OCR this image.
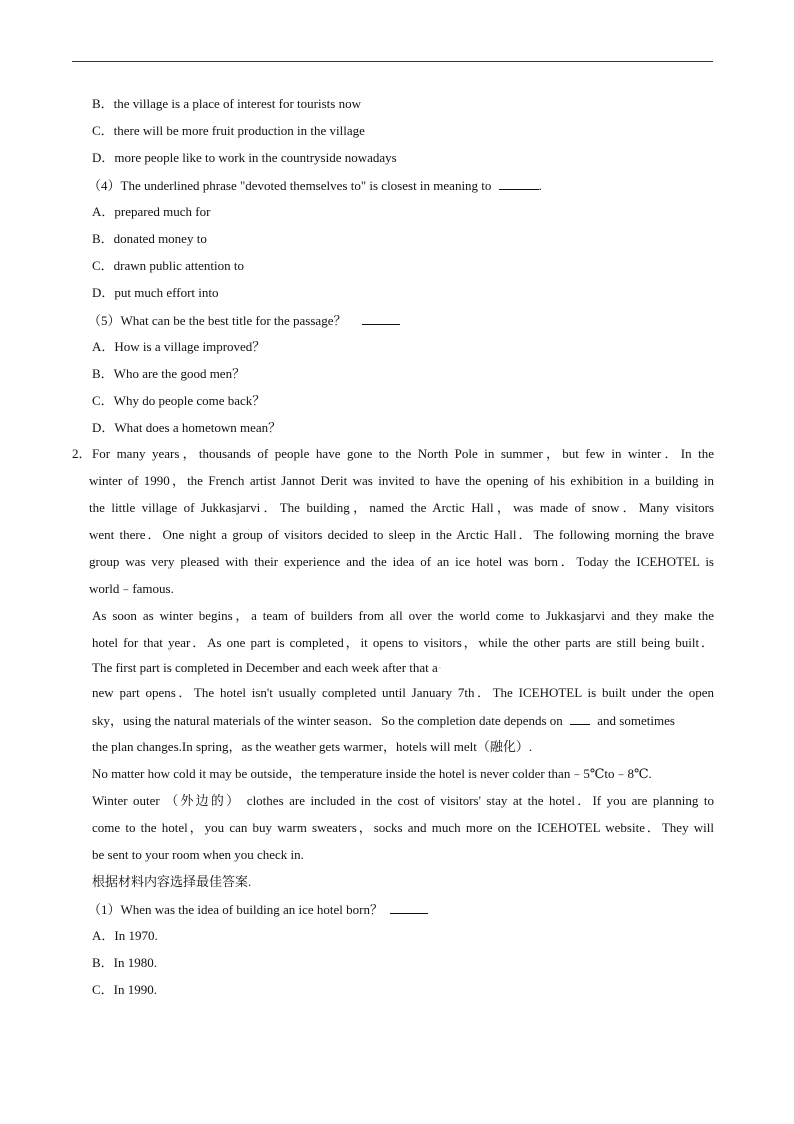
B．the village is a place of interest for tourists now
C．there will be more fruit production in the village
D．more people like to work in the countryside nowadays
（4）The underlined phrase "devoted themselves to" is closest in meaning to	.
A．prepared much for
B．donated money to
C．drawn public attention to
D．put much effort into
（5）What can be the best title for the passage？
A．How is a village improved？
B．Who are the good men？
C．Why do people come back？
D．What does a hometown mean？
2． For many years，thousands of people have gone to the North Pole in summer，but few in winter．In the
winter of 1990，the French artist Jannot Derit was invited to have the opening of his exhibition in a building in
the little village of Jukkasjarvi．The building，named the Arctic Hall，was made of snow．Many visitors
went there．One night a group of visitors decided to sleep in the Arctic Hall．The following morning the brave
group was very pleased with their experience and the idea of an ice hotel was born．Today the ICEHOTEL is
world﹣famous.
As soon as winter begins，a team of builders from all over the world come to Jukkasjarvi and they make the
hotel for that year．As one part is completed，it opens to visitors，while the other parts are still being built．
The first part is completed in December and each week after that a·
new part opens．The hotel isn't usually completed until January 7th．The ICEHOTEL is built under the open
sky，using the natural materials of the winter season．So the completion date depends on	and sometimes
the plan changes.In spring，as the weather gets warmer，hotels will melt（融化）.
No matter how cold it may be outside，the temperature inside the hotel is never colder than﹣5℃to﹣8℃.
Winter outer （外边的） clothes are included in the cost of visitors' stay at the hotel．If you are planning to
come to the hotel，you can buy warm sweaters，socks and much more on the ICEHOTEL website．They will
be sent to your room when you check in.
根据材料内容选择最佳答案.
（1）When was the idea of building an ice hotel born？
A．In 1970.
B．In 1980.
C．In 1990.
